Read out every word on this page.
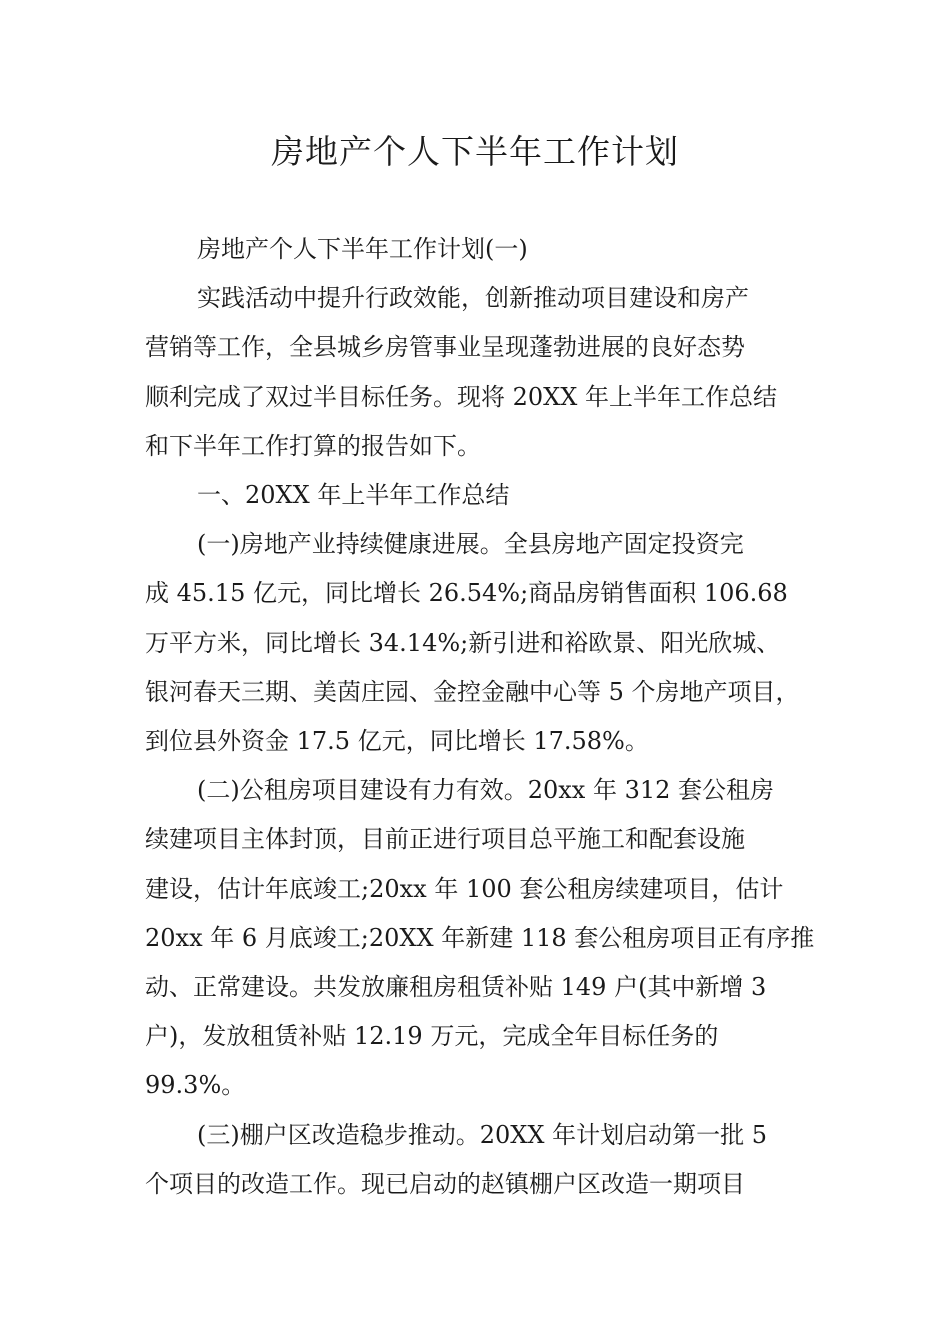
房地产个人下半年工作计划
房地产个人下半年工作计划(一)
实践活动中提升行政效能，创新推动项目建设和房产
营销等工作，全县城乡房管事业呈现蓬勃进展的良好态势
顺利完成了双过半目标任务。现将 20XX 年上半年工作总结
和下半年工作打算的报告如下。
一、20XX 年上半年工作总结
(一)房地产业持续健康进展。全县房地产固定投资完
成 45.15 亿元，同比增长 26.54%;商品房销售面积 106.68
万平方米，同比增长 34.14%;新引进和裕欧景、阳光欣城、
银河春天三期、美茵庄园、金控金融中心等 5 个房地产项目，
到位县外资金 17.5 亿元，同比增长 17.58%。
(二)公租房项目建设有力有效。20xx 年 312 套公租房
续建项目主体封顶，目前正进行项目总平施工和配套设施
建设，估计年底竣工;20xx 年 100 套公租房续建项目，估计
20xx 年 6 月底竣工;20XX 年新建 118 套公租房项目正有序推
动、正常建设。共发放廉租房租赁补贴 149 户(其中新增 3
户)，发放租赁补贴 12.19 万元，完成全年目标任务的
99.3%。
(三)棚户区改造稳步推动。20XX 年计划启动第一批 5
个项目的改造工作。现已启动的赵镇棚户区改造一期项目
